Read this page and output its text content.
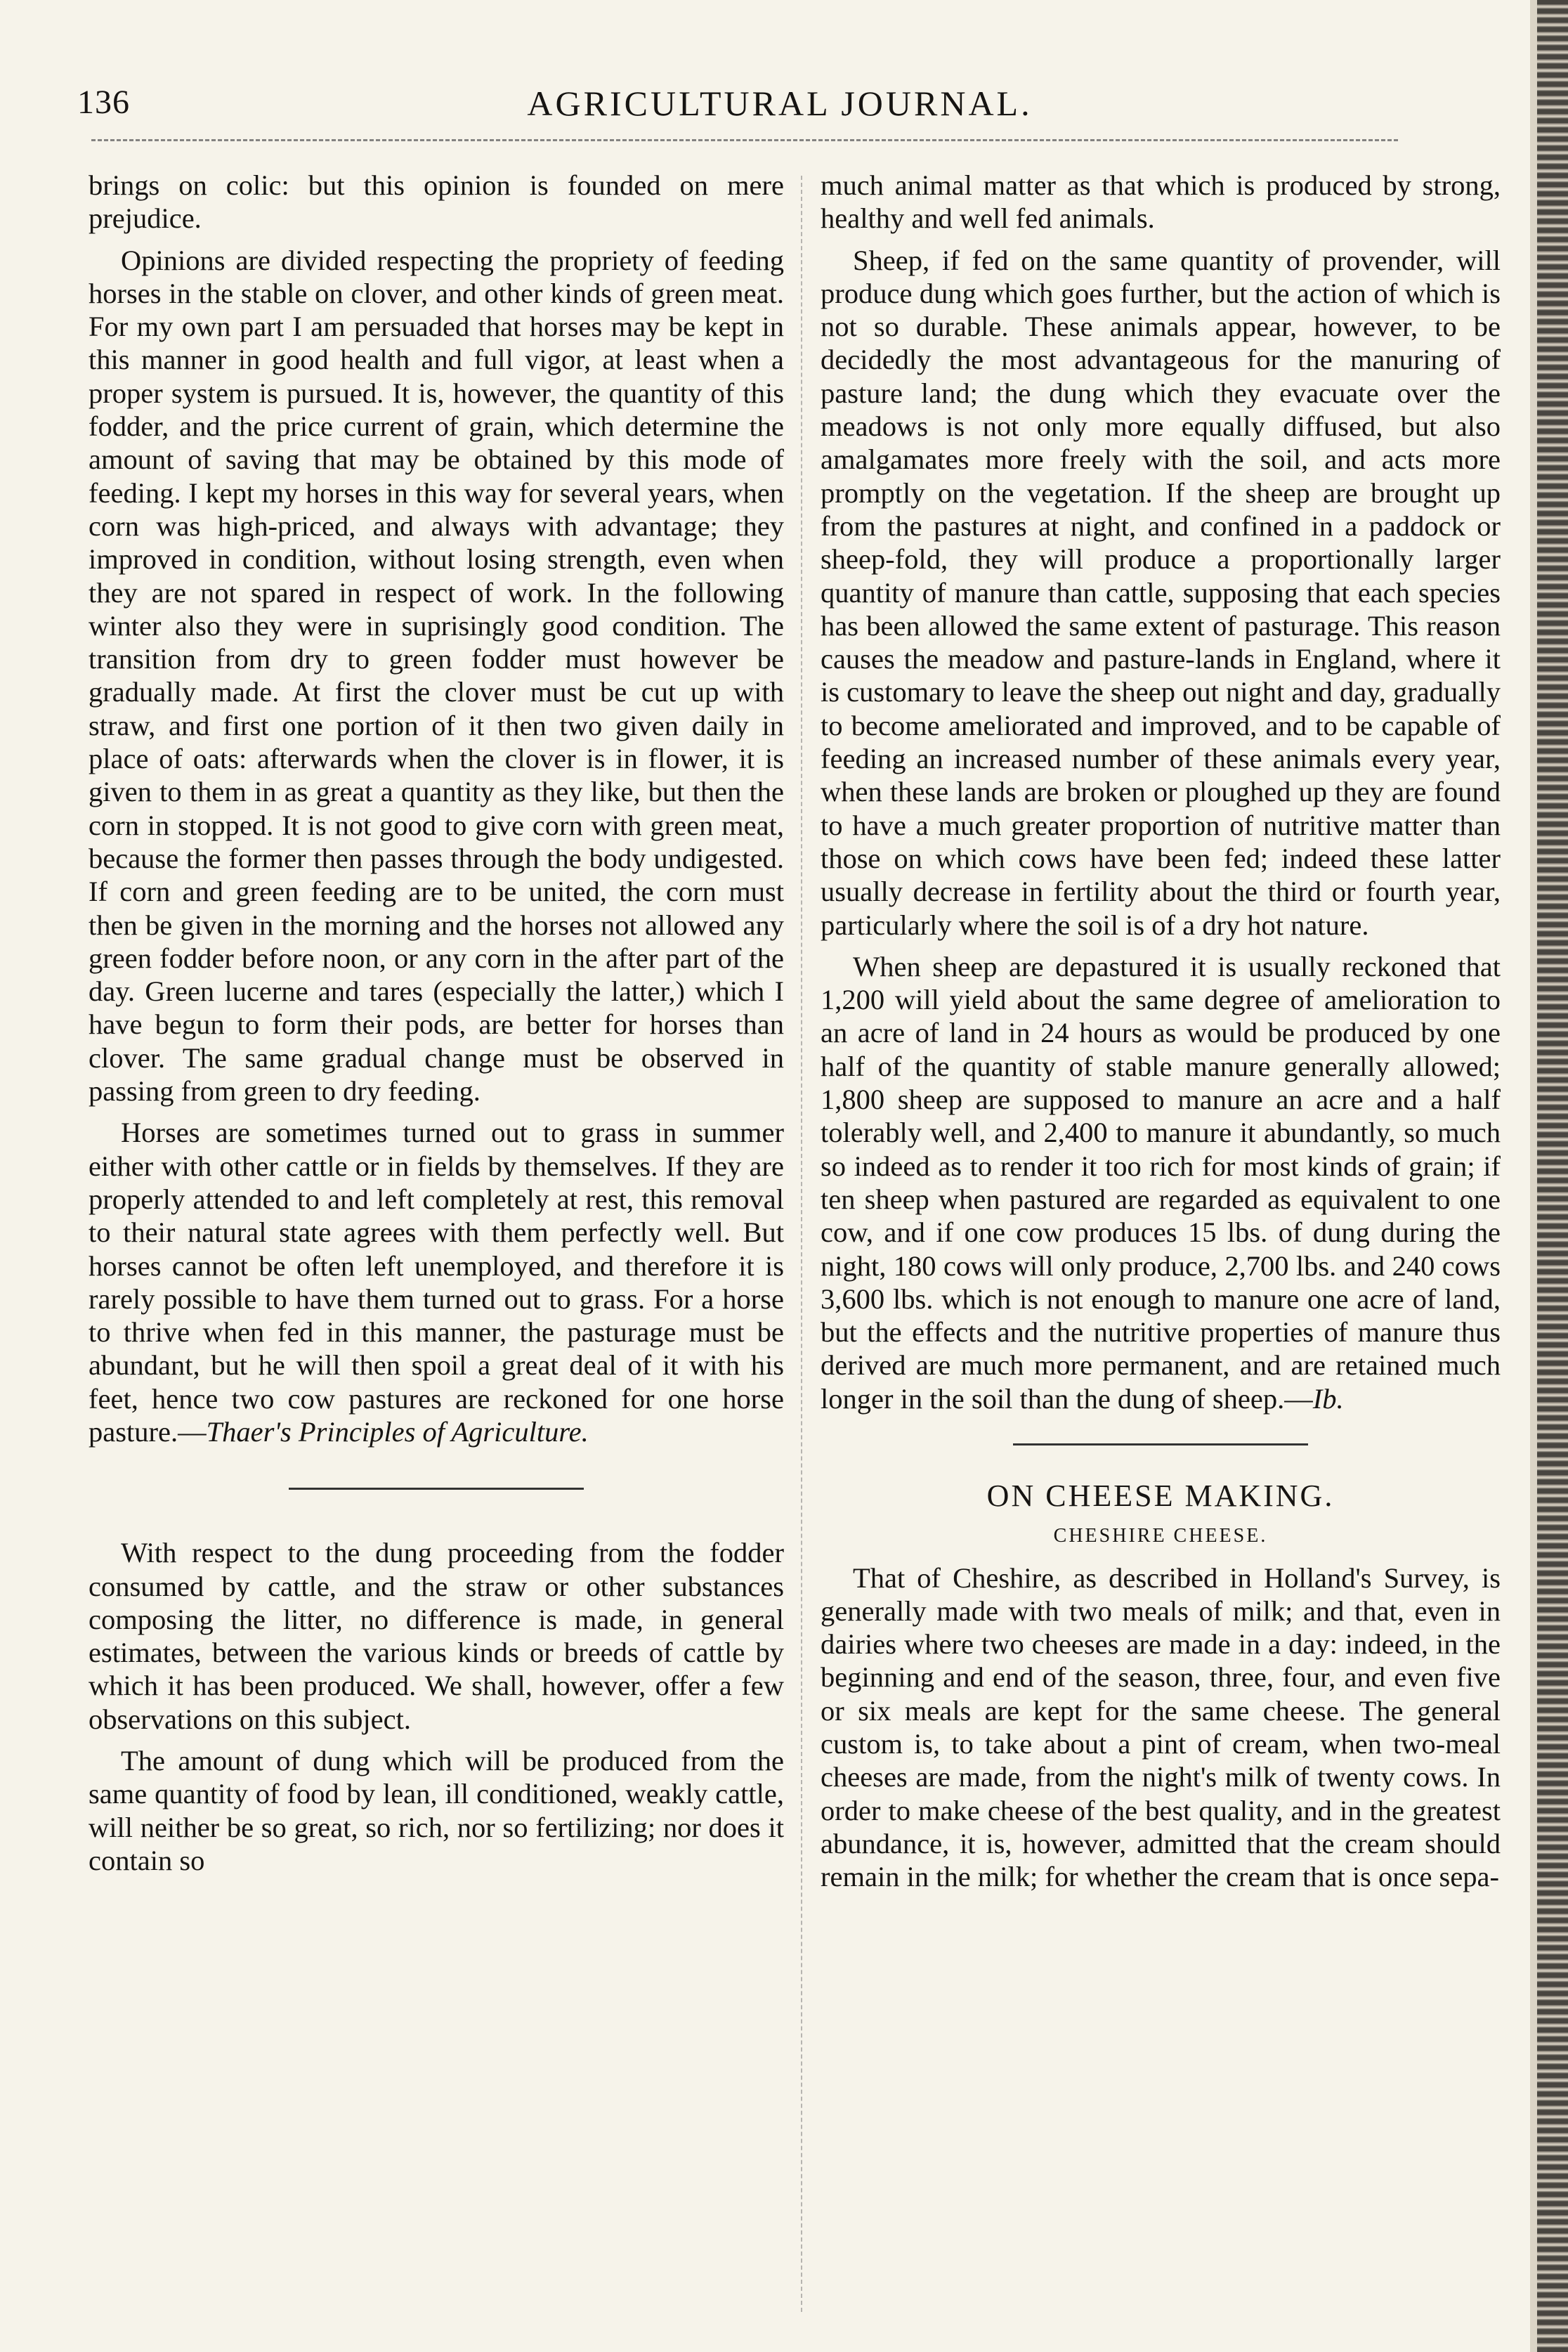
136	AGRICULTURAL JOURNAL.

brings on colic: but this opinion is founded on mere prejudice.

Opinions are divided respecting the propriety of feeding horses in the stable on clover, and other kinds of green meat. For my own part I am persuaded that horses may be kept in this manner in good health and full vigor, at least when a proper system is pursued. It is, however, the quantity of this fodder, and the price current of grain, which determine the amount of saving that may be obtained by this mode of feeding. I kept my horses in this way for several years, when corn was high-priced, and always with advantage; they improved in condition, without losing strength, even when they are not spared in respect of work. In the following winter also they were in suprisingly good condition. The transition from dry to green fodder must however be gradually made. At first the clover must be cut up with straw, and first one portion of it then two given daily in place of oats: afterwards when the clover is in flower, it is given to them in as great a quantity as they like, but then the corn in stopped. It is not good to give corn with green meat, because the former then passes through the body undigested. If corn and green feeding are to be united, the corn must then be given in the morning and the horses not allowed any green fodder before noon, or any corn in the after part of the day. Green lucerne and tares (especially the latter,) which I have begun to form their pods, are better for horses than clover. The same gradual change must be observed in passing from green to dry feeding.

Horses are sometimes turned out to grass in summer either with other cattle or in fields by themselves. If they are properly attended to and left completely at rest, this removal to their natural state agrees with them perfectly well. But horses cannot be often left unemployed, and therefore it is rarely possible to have them turned out to grass. For a horse to thrive when fed in this manner, the pasturage must be abundant, but he will then spoil a great deal of it with his feet, hence two cow pastures are reckoned for one horse pasture.—Thaer's Principles of Agriculture.

With respect to the dung proceeding from the fodder consumed by cattle, and the straw or other substances composing the litter, no difference is made, in general estimates, between the various kinds or breeds of cattle by which it has been produced. We shall, however, offer a few observations on this subject.

The amount of dung which will be produced from the same quantity of food by lean, ill conditioned, weakly cattle, will neither be so great, so rich, nor so fertilizing; nor does it contain so

much animal matter as that which is produced by strong, healthy and well fed animals.

Sheep, if fed on the same quantity of provender, will produce dung which goes further, but the action of which is not so durable. These animals appear, however, to be decidedly the most advantageous for the manuring of pasture land; the dung which they evacuate over the meadows is not only more equally diffused, but also amalgamates more freely with the soil, and acts more promptly on the vegetation. If the sheep are brought up from the pastures at night, and confined in a paddock or sheep-fold, they will produce a proportionally larger quantity of manure than cattle, supposing that each species has been allowed the same extent of pasturage. This reason causes the meadow and pasture-lands in England, where it is customary to leave the sheep out night and day, gradually to become ameliorated and improved, and to be capable of feeding an increased number of these animals every year, when these lands are broken or ploughed up they are found to have a much greater proportion of nutritive matter than those on which cows have been fed; indeed these latter usually decrease in fertility about the third or fourth year, particularly where the soil is of a dry hot nature.

When sheep are depastured it is usually reckoned that 1,200 will yield about the same degree of amelioration to an acre of land in 24 hours as would be produced by one half of the quantity of stable manure generally allowed; 1,800 sheep are supposed to manure an acre and a half tolerably well, and 2,400 to manure it abundantly, so much so indeed as to render it too rich for most kinds of grain; if ten sheep when pastured are regarded as equivalent to one cow, and if one cow produces 15 lbs. of dung during the night, 180 cows will only produce, 2,700 lbs. and 240 cows 3,600 lbs. which is not enough to manure one acre of land, but the effects and the nutritive properties of manure thus derived are much more permanent, and are retained much longer in the soil than the dung of sheep.—Ib.

ON CHEESE MAKING.
CHESHIRE CHEESE.

That of Cheshire, as described in Holland's Survey, is generally made with two meals of milk; and that, even in dairies where two cheeses are made in a day: indeed, in the beginning and end of the season, three, four, and even five or six meals are kept for the same cheese. The general custom is, to take about a pint of cream, when two-meal cheeses are made, from the night's milk of twenty cows. In order to make cheese of the best quality, and in the greatest abundance, it is, however, admitted that the cream should remain in the milk; for whether the cream that is once sepa-
